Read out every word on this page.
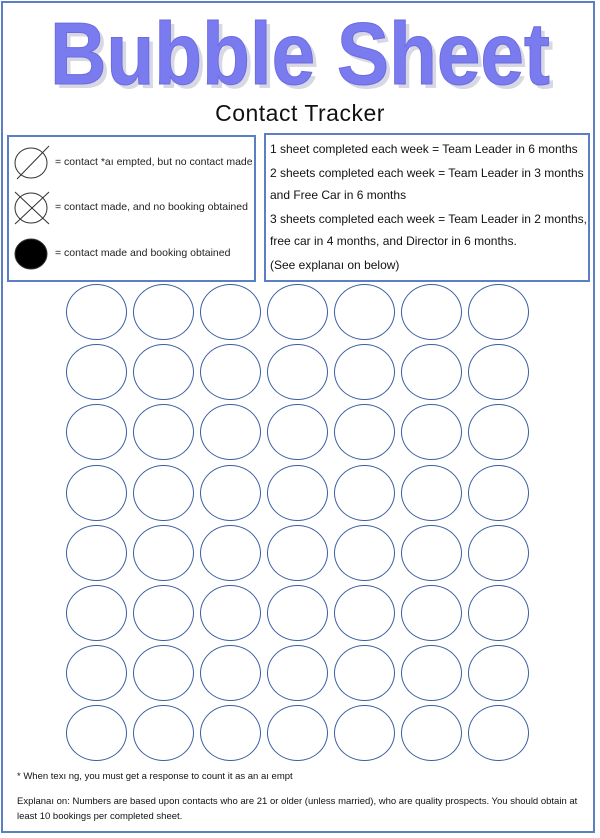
Bubble Sheet
Bubble Sheet
Contact Tracker
= contact *aı empted, but no contact made
= contact made, and no booking obtained
= contact made and booking obtained

1 sheet completed each week = Team Leader in 6 months

2 sheets completed each week = Team Leader in 3 months and Free Car in 6 months

3 sheets completed each week = Team Leader in 2 months, free car in 4 months, and Director in 6 months.

(See explanaı on below)

* When texı ng, you must get a response to count it as an aı empt
Explanaı on: Numbers are based upon contacts who are 21 or older (unless married), who are quality prospects. You should obtain at least 10 bookings per completed sheet.
